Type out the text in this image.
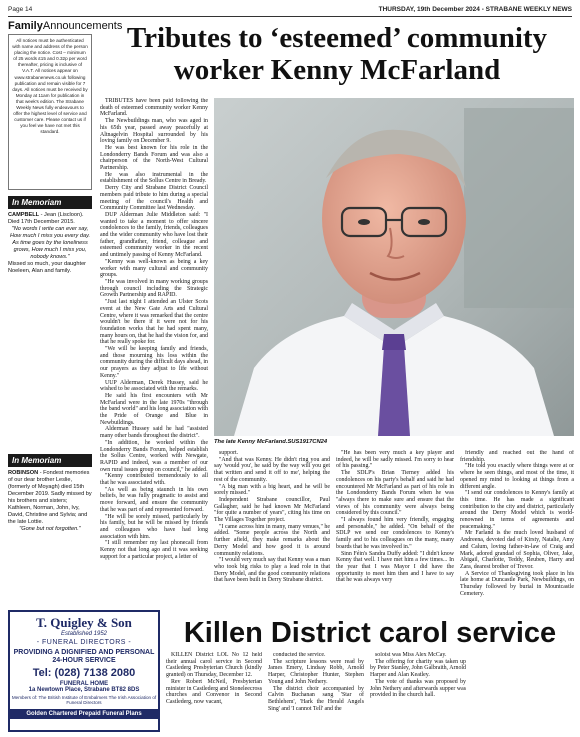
Page 14	THURSDAY, 19th December 2024 - STRABANE WEEKLY NEWS
FamilyAnnouncements
All notices must be authenticated with name and address of the person placing the notice. Cost – minimum of 25 words £15 and 0.32p per word thereafter, pricing is inclusive of V.A.T. All notices appear on www.strabanenews.co.uk following publication and remain visible for 7 days. All notices must be received by Monday at 11am for publication in that week's edition. The Strabane Weekly News fully endeavours to offer the highest level of service and customer care. Please contact us if you feel we have not met this standard.
In Memoriam
CAMPBELL - Jean (Liscloon). Died 17th December 2015.
"No words I write can ever say, How much I miss you every day. As time goes by the loneliness grows, How much I miss you, nobody knows."
Missed so much, your daughter Noeleen, Alan and family.
In Memoriam
ROBINSON - Fondest memories of our dear brother Leslie, (formerly of Moyagh) died 15th December 2019. Sadly missed by his brothers and sisters; Kathleen, Norman, John, Ivy, David, Christine and Sylvia; and the late Lottie.
"Gone but not forgotten."
T. Quigley & Son
Established 1952
- FUNERAL DIRECTORS -
PROVIDING A DIGNIFIED AND PERSONAL 24-HOUR SERVICE
Tel: (028) 7138 2080
FUNERAL HOME
1a Newtown Place, Strabane BT82 8DS
Members of: The British Institute of Embalmers The Irish Association of Funeral Directors
Golden Chartered Prepaid Funeral Plans
Tributes to ‘esteemed’ community worker Kenny McFarland

TRIBUTES have been paid following the death of esteemed community worker Kenny McFarland.

The Newbuildings man, who was aged in his 65th year, passed away peacefully at Altnagelvin Hospital surrounded by his loving family on December 9.

He was best known for his role in the Londonderry Bands Forum and was also a chairperson of the North-West Cultural Partnership.

He was also instrumental in the establishment of the Sollus Centre in Bready.

Derry City and Strabane District Council members paid tribute to him during a special meeting of the council's Health and Community Committee last Wednesday.

DUP Alderman Julie Middleton said: "I wanted to take a moment to offer sincere condolences to the family, friends, colleagues and the wider community who have lost their father, grandfather, friend, colleague and esteemed community worker in the recent and untimely passing of Kenny McFarland.

"Kenny was well-known as being a key worker with many cultural and community groups.

"He was involved in many working groups through council including the Strategic Growth Partnership and RAPID.

"Just last night I attended an Ulster Scots event at the New Gate Arts and Cultural Centre, where it was remarked that the centre wouldn't be there if it were not for his foundation works that he had spent many, many hours on, that he had the vision for, and that he really spoke for.

"We will be keeping family and friends, and those mourning his loss within the community during the difficult days ahead, in our prayers as they adjust to life without Kenny."

UUP Alderman, Derek Hussey, said he wished to be associated with the remarks.

He said his first encounters with Mr McFarland were in the late 1970s "through the band world" and his long association with the Pride of Orange and Blue in Newbuildings.

Alderman Hussey said he had "assisted many other bands throughout the district".

"In addition, he worked within the Londonderry Bands Forum, helped establish the Sollus Centre, worked with Newgate, RAPID and indeed, was a member of our own rural issues group on council," he added.

"Kenny contributed tremendously to all that he was associated with.

"As well as being staunch in his own beliefs, he was fully pragmatic to assist and move forward, and ensure the community that he was part of and represented forward.

"He will be sorely missed, particularly by his family, but he will be missed by friends and colleagues who have had long association with him.

"I still remember my last phonecall from Kenny not that long ago and it was seeking support for a particular project, a letter of

The late Kenny McFarland.SUS1917CN24

support.

"And that was Kenny. He didn't ring you and say 'would you', he said by the way will you get that written and send it off to me', helping the rest of the community.

"A big man with a big heart, and he will be sorely missed."

Independent Strabane councillor, Paul Gallagher, said he had known Mr McFarland "for quite a number of years", citing his time on The Villages Together project.

"I came across him in many, many venues," he added. "Some people across the North and further afield, they make remarks about the Derry Model and how good it is around community relations.

"I would very much say that Kenny was a man who took big risks to play a lead role in that Derry Model, and the good community relations that have been built in Derry Strabane district.

"He has been very much a key player and indeed, he will be sadly missed. I'm sorry to hear of his passing."

The SDLP's Brian Tierney added his condolences on his party's behalf and said he had encountered Mr McFarland as part of his role in the Londonderry Bands Forum when he was "always there to make sure and ensure that the views of his community were always being considered by this council."

"I always found him very friendly, engaging and personable," he added. "On behalf of the SDLP we send our condolences to Kenny's family and to his colleagues on the many, many boards that he was involved in."

Sinn Féin's Sandra Duffy added: "I didn't know Kenny that well. I have met him a few times... In the year that I was Mayor I did have the opportunity to meet him then and I have to say that he was always very

friendly and reached out the hand of friendship.

"He told you exactly where things were at or where he seen things, and most of the time, it opened my mind to looking at things from a different angle.

"I send our condolences to Kenny's family at this time. He has made a significant contribution to the city and district, particularly around the Derry Model which is world-renowned in terms of agreements and peacemaking."

Mr Farland is the much loved husband of Andreena, devoted dad of Kirsty, Natalie, Amy and Calum, loving father-in-law of Craig and Mark, adored grandad of Sophia, Oliver, Jake, Abigail, Charlotte, Teddy, Reuben, Harry and Zara, dearest brother of Trevor.

A Service of Thanksgiving took place in his late home at Duncastle Park, Newbuildings, on Thursday followed by burial in Mountcastle Cemetery.

Killen District carol service

KILLEN District LOL No 12 held their annual carol service in Second Castlederg Presbyterian Church (kindly granted) on Thursday, December 12.

Rev Robert McNeil, Presbyterian minister in Castlederg and Stoneleecross churches and Convenor in Second Castlederg, now vacant,

conducted the service.

The scripture lessons were read by James Emery, Lindsay Robb, Arnold Harper, Christopher Hunter, Stephen Young and John Nethery.

The district choir accompanied by Calvin Buchanan sang 'Star of Bethlehem', 'Hark the Herald Angels Sing' and 'I cannot Tell' and the

soloist was Miss Alex McCay.

The offering for charity was taken up by Peter Stanley, John Galbraith, Arnold Harper and Alan Keatley.

The vote of thanks was proposed by John Nethery and afterwards supper was provided in the church hall.
